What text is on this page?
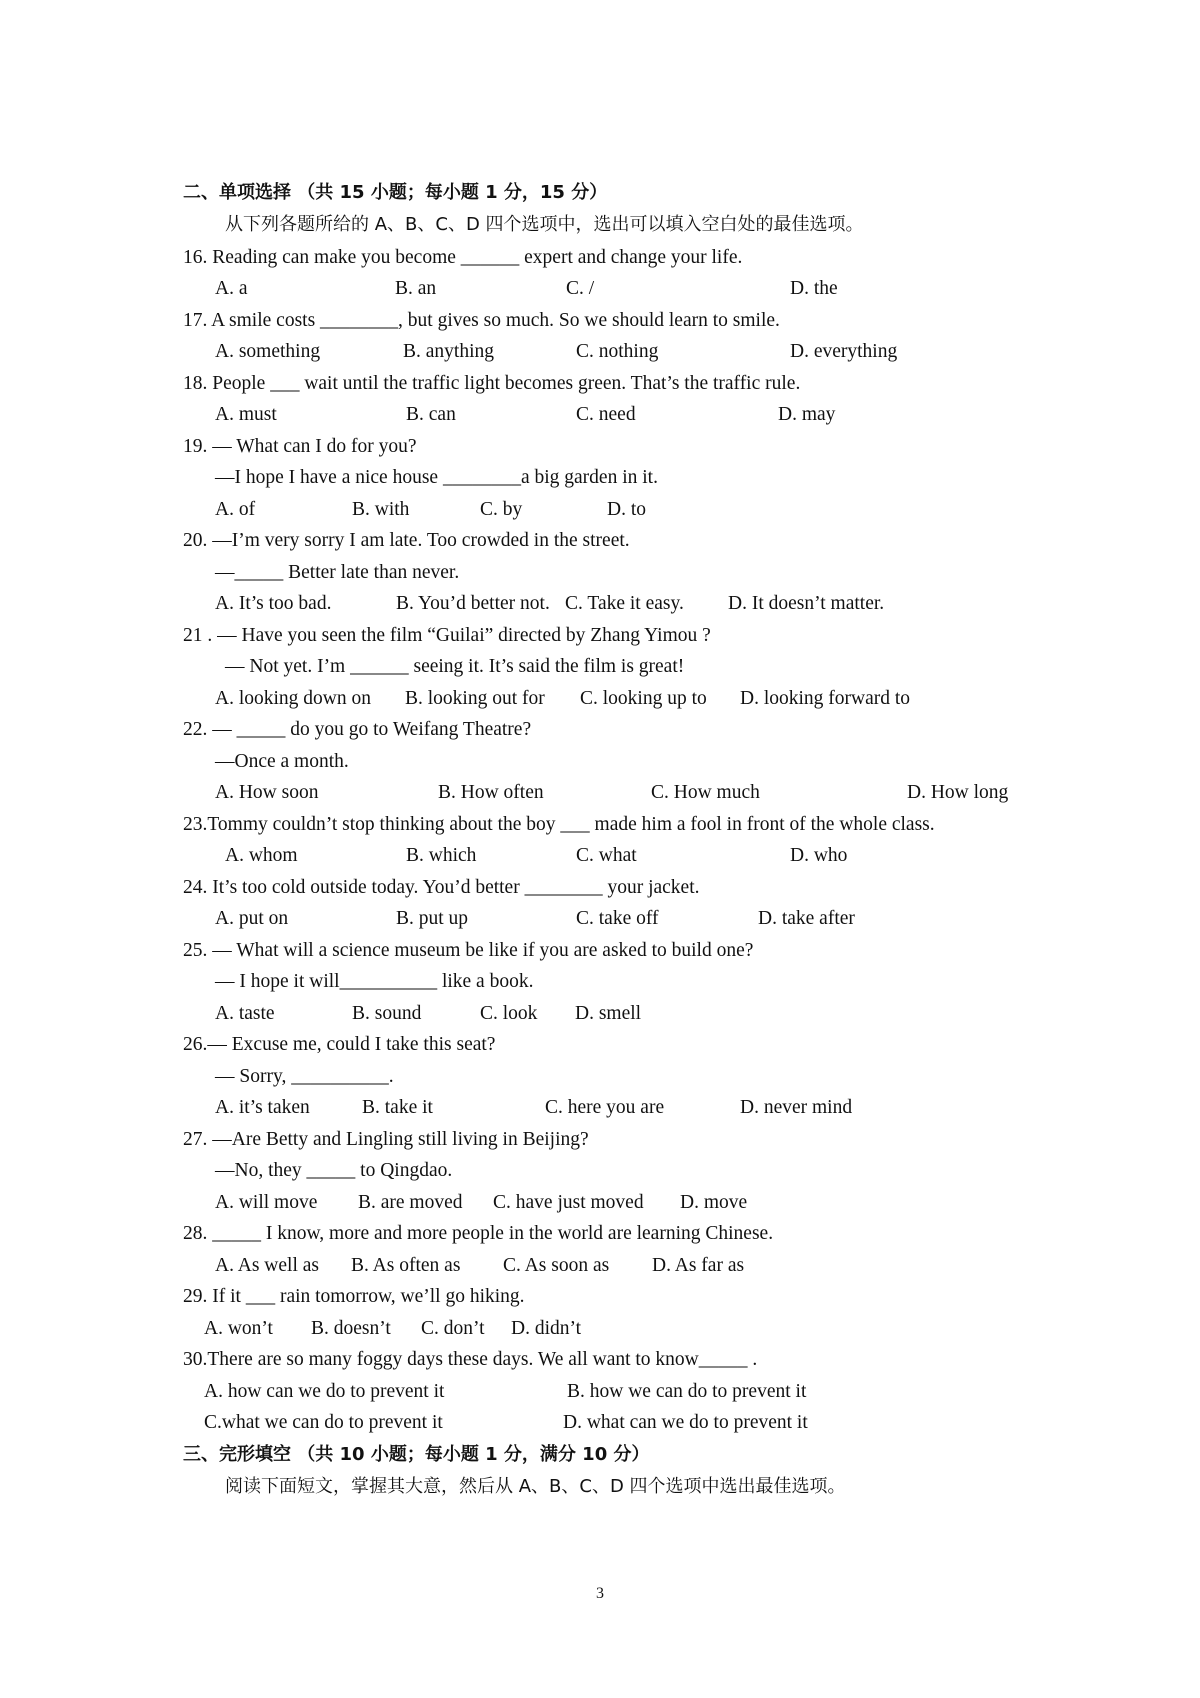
二、单项选择 （共 15 小题；每小题 1 分，15 分）
从下列各题所给的 A、B、C、D 四个选项中，选出可以填入空白处的最佳选项。
16. Reading can make you become ______ expert and change your life.
A. a	B. an	C. /	D. the
17. A smile costs ________, but gives so much. So we should learn to smile.
A. something	B. anything	C. nothing	D. everything
18. People ___ wait until the traffic light becomes green. That’s the traffic rule.
A. must	B. can	C. need	D. may
19. — What can I do for you?
—I hope I have a nice house ________a big garden in it.
A. of	B. with	C. by	D. to
20. —I’m very sorry I am late. Too crowded in the street.
—_____ Better late than never.
A. It’s too bad.	B. You’d better not. C. Take it easy. D. It doesn’t matter.
21 . — Have you seen the film “Guilai” directed by Zhang Yimou ?
— Not yet. I’m ______ seeing it. It’s said the film is great!
A. looking down on B. looking out for C. looking up to D. looking forward to
22. — _____ do you go to Weifang Theatre?
—Once a month.
A. How soon	B. How often	C. How much	D. How long
23.Tommy couldn’t stop thinking about the boy ___ made him a fool in front of the whole class.
A. whom	B. which	C. what	D. who
24. It’s too cold outside today. You’d better ________ your jacket.
A. put on	B. put up	C. take off	D. take after
25. — What will a science museum be like if you are asked to build one?
— I hope it will__________ like a book.
A. taste	B. sound	C. look D. smell
26.— Excuse me, could I take this seat?
— Sorry, __________.
A. it’s taken	B. take it	C. here you are	D. never mind
27. —Are Betty and Lingling still living in Beijing?
—No, they _____ to Qingdao.
A. will move B. are moved C. have just moved D. move
28. _____ I know, more and more people in the world are learning Chinese.
A. As well as B. As often as C. As soon as D. As far as
29. If it ___ rain tomorrow, we’ll go hiking.
A. won’t B. doesn’t C. don’t D. didn’t
30.There are so many foggy days these days. We all want to know_____ .
A. how can we do to prevent it	B. how we can do to prevent it
C.what we can do to prevent it	D. what can we do to prevent it
三、完形填空 （共 10 小题；每小题 1 分，满分 10 分）
阅读下面短文，掌握其大意，然后从 A、B、C、D 四个选项中选出最佳选项。
3
